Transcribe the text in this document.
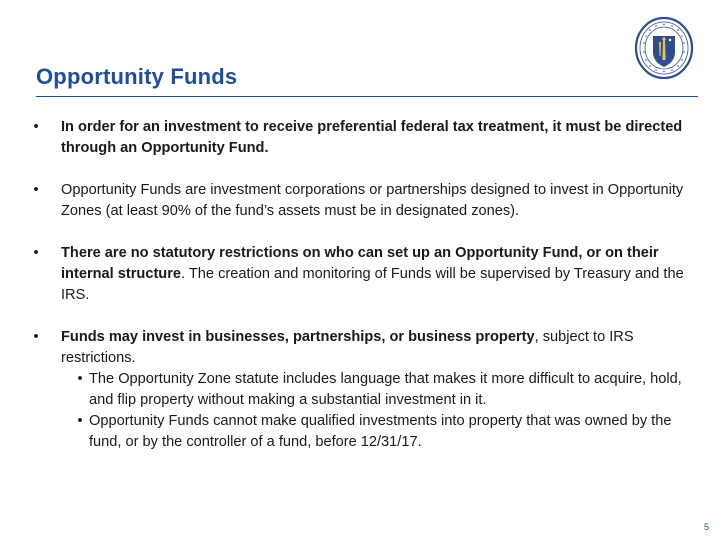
Opportunity Funds
• In order for an investment to receive preferential federal tax treatment, it must be directed through an Opportunity Fund.
• Opportunity Funds are investment corporations or partnerships designed to invest in Opportunity Zones (at least 90% of the fund’s assets must be in designated zones).
• There are no statutory restrictions on who can set up an Opportunity Fund, or on their internal structure. The creation and monitoring of Funds will be supervised by Treasury and the IRS.
• Funds may invest in businesses, partnerships, or business property, subject to IRS restrictions.
• The Opportunity Zone statute includes language that makes it more difficult to acquire, hold, and flip property without making a substantial investment in it.
• Opportunity Funds cannot make qualified investments into property that was owned by the fund, or by the controller of a fund, before 12/31/17.
5
